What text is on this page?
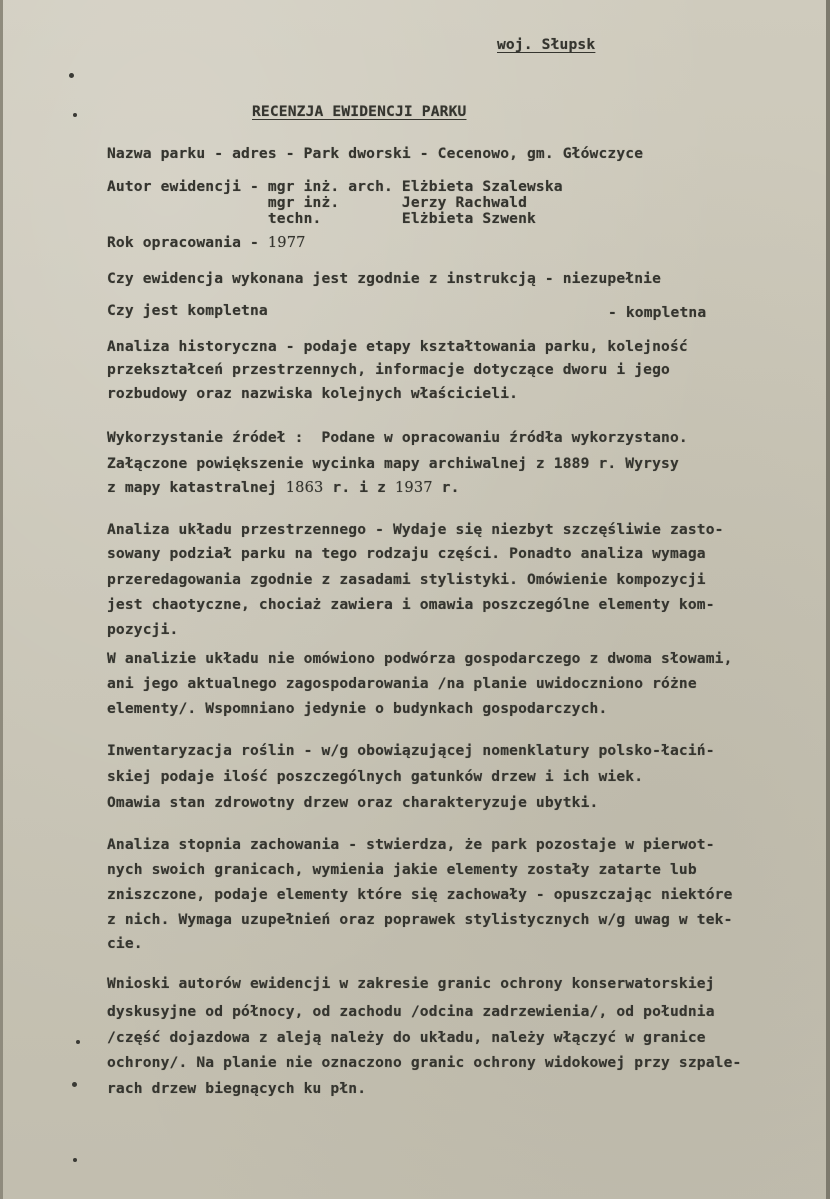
woj. Słupsk
RECENZJA EWIDENCJI PARKU
Nazwa parku - adres - Park dworski - Cecenowo, gm. Główczyce
Autor ewidencji - mgr inż. arch. Elżbieta Szalewska
mgr inż.       Jerzy Rachwald
techn.         Elżbieta Szwenk
Rok opracowania - 1977
Czy ewidencja wykonana jest zgodnie z instrukcją - niezupełnie
Czy jest kompletna	- kompletna
Analiza historyczna - podaje etapy kształtowania parku, kolejność
przekształceń przestrzennych, informacje dotyczące dworu i jego
rozbudowy oraz nazwiska kolejnych właścicieli.
Wykorzystanie źródeł :  Podane w opracowaniu źródła wykorzystano.
Załączone powiększenie wycinka mapy archiwalnej z 1889 r. Wyrysy
z mapy katastralnej 1863 r. i z 1937 r.
Analiza układu przestrzennego - Wydaje się niezbyt szczęśliwie zasto-
sowany podział parku na tego rodzaju części. Ponadto analiza wymaga
przeredagowania zgodnie z zasadami stylistyki. Omówienie kompozycji
jest chaotyczne, chociaż zawiera i omawia poszczególne elementy kom-
pozycji.
W analizie układu nie omówiono podwórza gospodarczego z dwoma słowami,
ani jego aktualnego zagospodarowania /na planie uwidoczniono różne
elementy/. Wspomniano jedynie o budynkach gospodarczych.
Inwentaryzacja roślin - w/g obowiązującej nomenklatury polsko-łaciń-
skiej podaje ilość poszczególnych gatunków drzew i ich wiek.
Omawia stan zdrowotny drzew oraz charakteryzuje ubytki.
Analiza stopnia zachowania - stwierdza, że park pozostaje w pierwot-
nych swoich granicach, wymienia jakie elementy zostały zatarte lub
zniszczone, podaje elementy które się zachowały - opuszczając niektóre
z nich. Wymaga uzupełnień oraz poprawek stylistycznych w/g uwag w tek-
cie.
Wnioski autorów ewidencji w zakresie granic ochrony konserwatorskiej
dyskusyjne od północy, od zachodu /odcina zadrzewienia/, od południa
/część dojazdowa z aleją należy do układu, należy włączyć w granice
ochrony/. Na planie nie oznaczono granic ochrony widokowej przy szpale-
rach drzew biegnących ku płn.
